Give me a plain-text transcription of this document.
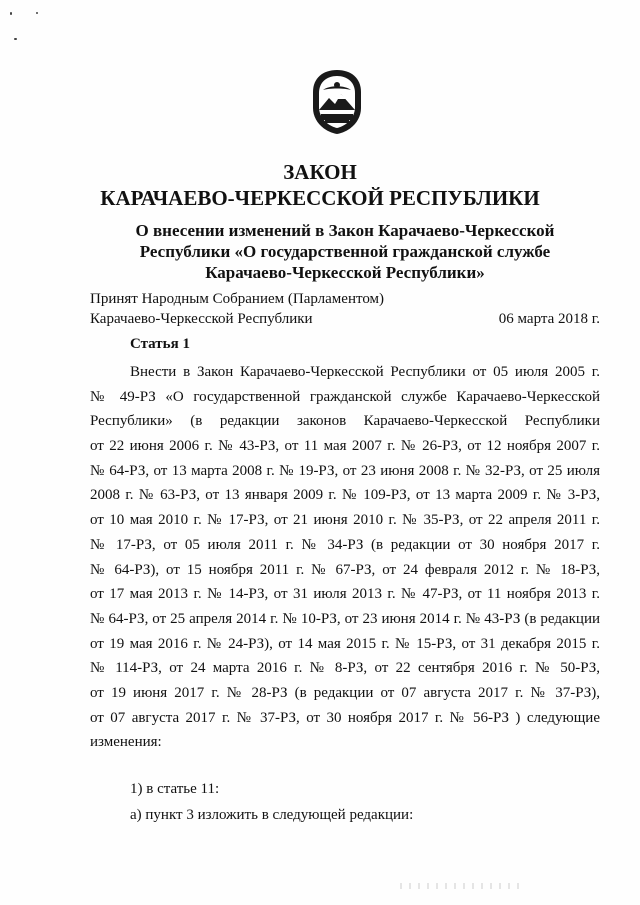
ЗАКОН
КАРАЧАЕВО-ЧЕРКЕССКОЙ РЕСПУБЛИКИ
О внесении изменений в Закон Карачаево-Черкесской
Республики «О государственной гражданской службе
Карачаево-Черкесской Республики»
Принят Народным Собранием (Парламентом)
Карачаево-Черкесской Республики	06 марта 2018 г.
Статья 1
Внести в Закон Карачаево-Черкесской Республики от 05 июля 2005 г.
№ 49-РЗ «О государственной гражданской службе Карачаево-Черкесской
Республики» (в редакции законов Карачаево-Черкесской Республики
от 22 июня 2006 г. № 43-РЗ, от 11 мая 2007 г. № 26-РЗ, от 12 ноября 2007 г.
№ 64-РЗ, от 13 марта 2008 г. № 19-РЗ, от 23 июня 2008 г. № 32-РЗ, от 25 июля
2008 г. № 63-РЗ, от 13 января 2009 г. № 109-РЗ, от 13 марта 2009 г. № 3-РЗ,
от 10 мая 2010 г. № 17-РЗ, от 21 июня 2010 г. № 35-РЗ, от 22 апреля 2011 г.
№ 17-РЗ, от 05 июля 2011 г. № 34-РЗ (в редакции от 30 ноября 2017 г.
№ 64-РЗ), от 15 ноября 2011 г. № 67-РЗ, от 24 февраля 2012 г. № 18-РЗ,
от 17 мая 2013 г. № 14-РЗ, от 31 июля 2013 г. № 47-РЗ, от 11 ноября 2013 г.
№ 64-РЗ, от 25 апреля 2014 г. № 10-РЗ, от 23 июня 2014 г. № 43-РЗ (в редакции
от 19 мая 2016 г. № 24-РЗ), от 14 мая 2015 г. № 15-РЗ, от 31 декабря 2015 г.
№ 114-РЗ, от 24 марта 2016 г. № 8-РЗ, от 22 сентября 2016 г. № 50-РЗ,
от 19 июня 2017 г. № 28-РЗ (в редакции от 07 августа 2017 г. № 37-РЗ),
от 07 августа 2017 г. № 37-РЗ, от 30 ноября 2017 г. № 56-РЗ ) следующие
изменения:
1) в статье 11:
а) пункт 3 изложить в следующей редакции:
